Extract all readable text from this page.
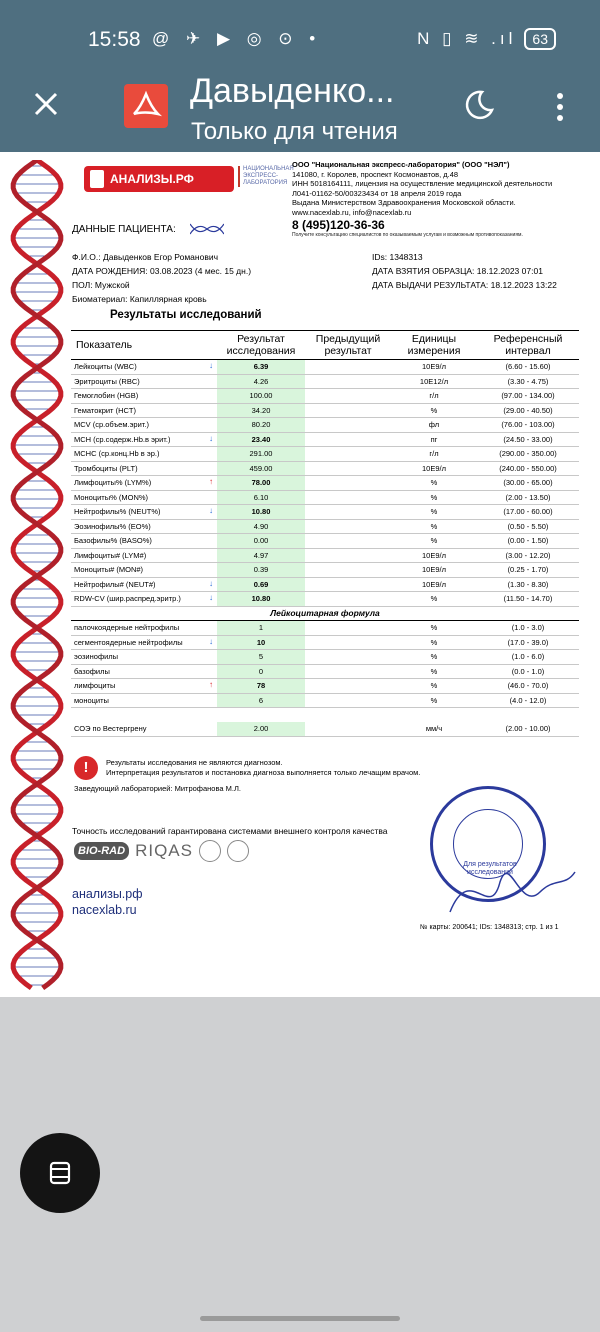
15:58 @ ✈ ▶ ◎ ⊙ •	N ▯ ≋ .ıl	63
Давыденко...
Только для чтения
АНАЛИЗЫ.РФ
НАЦИОНАЛЬНАЯ ЭКСПРЕСС-ЛАБОРАТОРИЯ
ООО "Национальная экспресс-лаборатория" (ООО "НЭЛ")
141080, г. Королев, проспект Космонавтов, д.48
ИНН 5018164111, лицензия на осуществление медицинской деятельности
Л041-01162-50/00323434 от 18 апреля 2019 года
Выдана Министерством Здравоохранения Московской области.
www.nacexlab.ru, info@nacexlab.ru
8 (495)120-36-36
Получите консультацию специалистов по оказываемым услугам и возможным противопоказаниям.
ДАННЫЕ ПАЦИЕНТА:
Ф.И.О.: Давыденков Егор Романович
ДАТА РОЖДЕНИЯ: 03.08.2023 (4 мес. 15 дн.)
ПОЛ: Мужской
Биоматериал: Капиллярная кровь
IDs: 1348313
ДАТА ВЗЯТИЯ ОБРАЗЦА: 18.12.2023 07:01
ДАТА ВЫДАЧИ РЕЗУЛЬТАТА: 18.12.2023 13:22
Результаты исследований
Показатель	Результат исследования	Предыдущий результат	Единицы измерения	Референсный интервал
Лейкоциты (WBC) ↓	6.39		10E9/л	(6.60 - 15.60)
Эритроциты (RBC)	4.26		10E12/л	(3.30 - 4.75)
Гемоглобин (HGB)	100.00		г/л	(97.00 - 134.00)
Гематокрит (HCT)	34.20		%	(29.00 - 40.50)
MCV (ср.объем.эрит.)	80.20		фл	(76.00 - 103.00)
MCH (ср.содерж.Hb.в эрит.) ↓	23.40		пг	(24.50 - 33.00)
MCHC (ср.конц.Hb в эр.)	291.00		г/л	(290.00 - 350.00)
Тромбоциты (PLT)	459.00		10E9/л	(240.00 - 550.00)
Лимфоциты% (LYM%) ↑	78.00		%	(30.00 - 65.00)
Моноциты% (MON%)	6.10		%	(2.00 - 13.50)
Нейтрофилы% (NEUT%) ↓	10.80		%	(17.00 - 60.00)
Эозинофилы% (EO%)	4.90		%	(0.50 - 5.50)
Базофилы% (BASO%)	0.00		%	(0.00 - 1.50)
Лимфоциты# (LYM#)	4.97		10E9/л	(3.00 - 12.20)
Моноциты# (MON#)	0.39		10E9/л	(0.25 - 1.70)
Нейтрофилы# (NEUT#) ↓	0.69		10E9/л	(1.30 - 8.30)
RDW-CV (шир.распред.эритр.) ↓	10.80		%	(11.50 - 14.70)
Лейкоцитарная формула				
палочкоядерные нейтрофилы	1		%	(1.0 - 3.0)
сегментоядерные нейтрофилы ↓	10		%	(17.0 - 39.0)
эозинофилы	5		%	(1.0 - 6.0)
базофилы	0		%	(0.0 - 1.0)
лимфоциты ↑	78		%	(46.0 - 70.0)
моноциты	6		%	(4.0 - 12.0)

СОЭ по Вестергрену	2.00		мм/ч	(2.00 - 10.00)
!	Результаты исследования не являются диагнозом.
Интерпретация результатов и постановка диагноза выполняется только лечащим врачом.
Заведующий лабораторией: Митрофанова М.Л.
Для результатов исследований
Точность исследований гарантирована системами внешнего контроля качества
BIO-RAD RIQAS
анализы.рф
nacexlab.ru
№ карты: 200641; IDs: 1348313; стр. 1 из 1
